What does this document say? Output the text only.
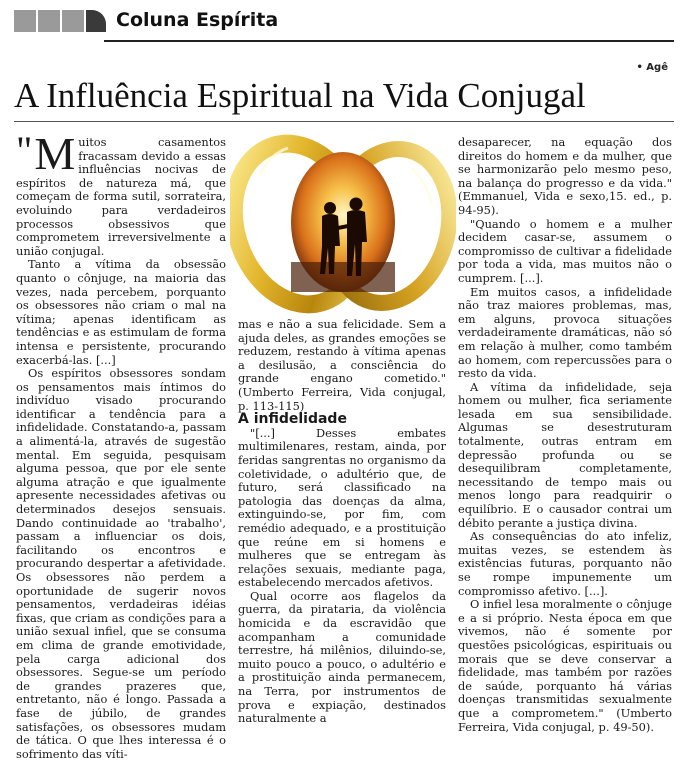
Coluna Espírita
• Agê
A Influência Espiritual na Vida Conjugal

" M uitos casamentos fracassam devido a essas influências nocivas de espíritos de natureza má, que começam de forma sutil, sorrateira, evoluindo para verdadeiros processos obsessivos que comprometem irreversivelmente a união conjugal.

Tanto a vítima da obsessão quanto o cônjuge, na maioria das vezes, nada percebem, porquanto os obsessores não criam o mal na vítima; apenas identificam as tendências e as estimulam de forma intensa e persistente, procurando exacerbá-las. [...]

Os espíritos obsessores sondam os pensamentos mais íntimos do indivíduo visado procurando identificar a tendência para a infidelidade. Constatando-a, passam a alimentá-la, através de sugestão mental. Em seguida, pesquisam alguma pessoa, que por ele sente alguma atração e que igualmente apresente necessidades afetivas ou determinados desejos sensuais. Dando continuidade ao 'trabalho', passam a influenciar os dois, facilitando os encontros e procurando despertar a afetividade. Os obsessores não perdem a oportunidade de sugerir novos pensamentos, verdadeiras idéias fixas, que criam as condições para a união sexual infiel, que se consuma em clima de grande emotividade, pela carga adicional dos obsessores. Segue-se um período de grandes prazeres que, entretanto, não é longo. Passada a fase de júbilo, de grandes satisfações, os obsessores mudam de tática. O que lhes interessa é o sofrimento das víti-

mas e não a sua felicidade. Sem a ajuda deles, as grandes emoções se reduzem, restando à vítima apenas a desilusão, a consciência do grande engano cometido." (Umberto Ferreira, Vida conjugal, p. 113-115)

A infidelidade

"[...] Desses embates multimilenares, restam, ainda, por feridas sangrentas no organismo da coletividade, o adultério que, de futuro, será classificado na patologia das doenças da alma, extinguindo-se, por fim, com remédio adequado, e a prostituição que reúne em si homens e mulheres que se entregam às relações sexuais, mediante paga, estabelecendo mercados afetivos.

Qual ocorre aos flagelos da guerra, da pirataria, da violência homicida e da escravidão que acompanham a comunidade terrestre, há milênios, diluindo-se, muito pouco a pouco, o adultério e a prostituição ainda permanecem, na Terra, por instrumentos de prova e expiação, destinados naturalmente a

desaparecer, na equação dos direitos do homem e da mulher, que se harmonizarão pelo mesmo peso, na balança do progresso e da vida." (Emmanuel, Vida e sexo,15. ed., p. 94-95).

"Quando o homem e a mulher decidem casar-se, assumem o compromisso de cultivar a fidelidade por toda a vida, mas muitos não o cumprem. [...].

Em muitos casos, a infidelidade não traz maiores problemas, mas, em alguns, provoca situações verdadeiramente dramáticas, não só em relação à mulher, como também ao homem, com repercussões para o resto da vida.

A vítima da infidelidade, seja homem ou mulher, fica seriamente lesada em sua sensibilidade. Algumas se desestruturam totalmente, outras entram em depressão profunda ou se desequilibram completamente, necessitando de tempo mais ou menos longo para readquirir o equilíbrio. E o causador contrai um débito perante a justiça divina.

As consequências do ato infeliz, muitas vezes, se estendem às existências futuras, porquanto não se rompe impunemente um compromisso afetivo. [...].

O infiel lesa moralmente o cônjuge e a si próprio. Nesta época em que vivemos, não é somente por questões psicológicas, espirituais ou morais que se deve conservar a fidelidade, mas também por razões de saúde, porquanto há várias doenças transmitidas sexualmente que a comprometem." (Umberto Ferreira, Vida conjugal, p. 49-50).
